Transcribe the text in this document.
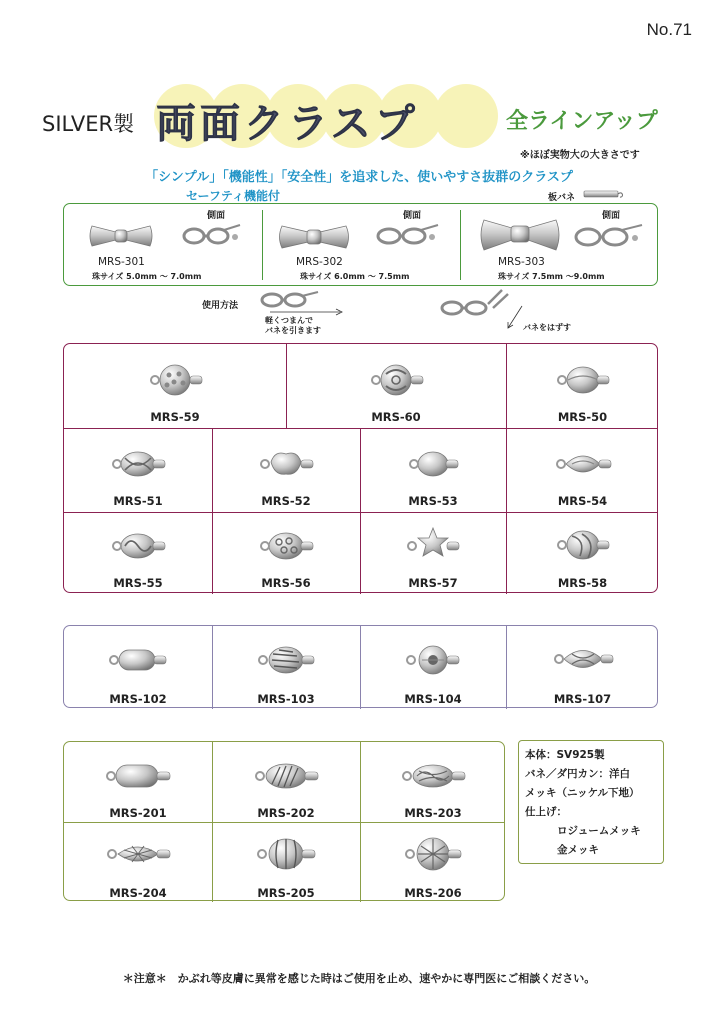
No.71
SILVER製 両面クラスプ	全ラインアップ
※ほぼ実物大の大きさです
「シンプル」「機能性」「安全性」を追求した、使いやすさ抜群のクラスプ
セーフティ機能付	板バネ
側面
MRS-301
珠サイズ 5.0mm 〜 7.0mm
側面
MRS-302
珠サイズ 6.0mm 〜 7.5mm
側面
MRS-303
珠サイズ 7.5mm 〜9.0mm
使用方法
軽くつまんで
バネを引きます	バネをはずす
MRS-59	MRS-60	MRS-50
MRS-51	MRS-52	MRS-53	MRS-54
MRS-55	MRS-56	MRS-57	MRS-58
MRS-102	MRS-103	MRS-104	MRS-107
MRS-201	MRS-202	MRS-203
MRS-204	MRS-205	MRS-206
本体：SV925製
バネ／ダ円カン：洋白
メッキ（ニッケル下地）
仕上げ：
ロジュームメッキ
金メッキ
＊注意＊　かぶれ等皮膚に異常を感じた時はご使用を止め、速やかに専門医にご相談ください。
